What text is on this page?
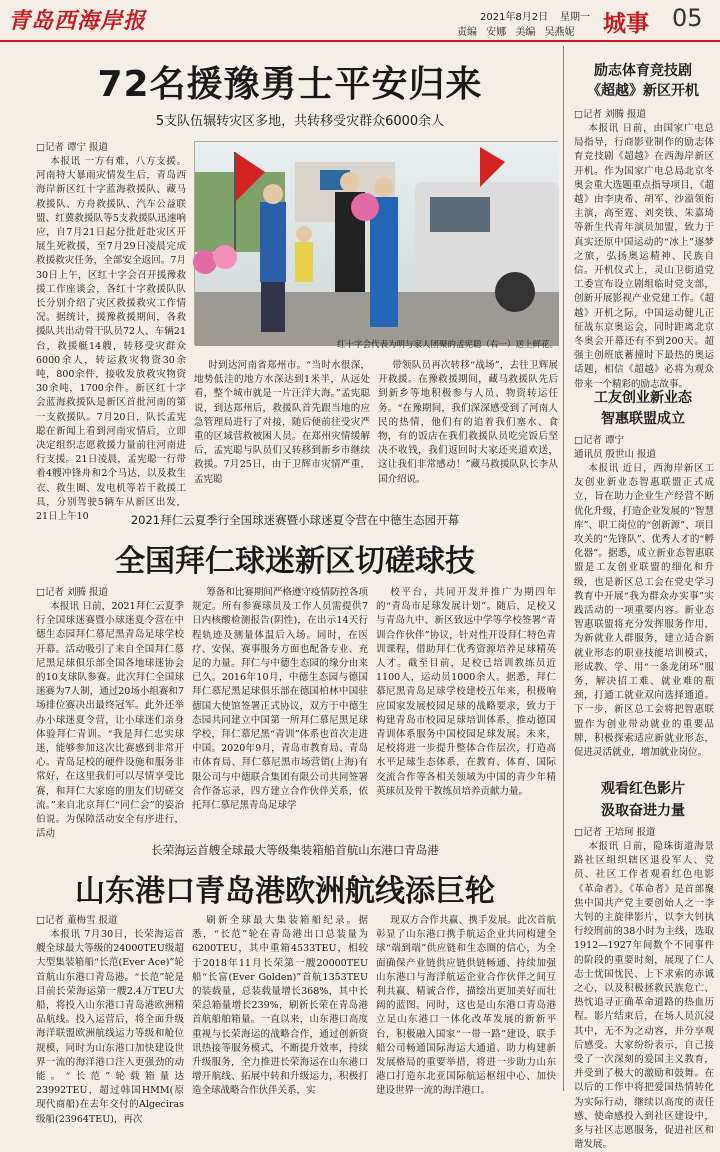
青岛西海岸报	2021年8月2日 星期一
责编 安娜 美编 吴燕妮 城事 05
72名援豫勇士平安归来
5支队伍辗转灾区多地，共转移受灾群众6000余人
□记者 谭宁 报道
本报讯 一方有难，八方支援。河南特大暴雨灾情发生后，青岛西海岸新区红十字蓝海救援队、藏马救援队、方舟救援队、汽车公益联盟、红冀救援队等5支救援队迅速响应，自7月21日起分批赶赴灾区开展生死救援，至7月29日凌晨完成救援救灾任务，全部安全返回。7月30日上午，区红十字会召开援豫救援工作座谈会，各红十字救援队队长分别介绍了灾区救援救灾工作情况。据统计，援豫救援期间，各救援队共出动骨干队员72人、车辆21台，救援艇14艘，转移受灾群众6000余人，转运救灾物资30余吨，800余件，接收发放救灾物资30余吨，1700余件。新区红十字会蓝海救援队是新区首批河南的第一支救援队。7月20日，队长孟宪聪在新闻上看到河南灾情后，立即决定组织志愿救援力量前往河南进行支援。21日凌晨，孟宪聪一行带着4艘冲锋舟和2个马达，以及救生衣、救生圈、发电机等若干救援工具，分别驾驶5辆车从新区出发，21日上午10
红十字会代表为明与家人团聚的孟宪聪（右一）送上鲜花。
时到达河南省郑州市。“当时水很深，地势低洼的地方水深达到1米半，从远处看，整个城市就是一片汪洋大海。”孟宪聪说，到达郑州后，救援队首先跟当地的应急管理局进行了对接，随后便前往受灾严重的区域营救被困人员。在郑州灾情缓解后，孟宪聪与队员们又转移到新乡市继续救援。7月25日，由于卫辉市灾情严重，孟宪聪
带领队员再次转移“战场”，去往卫辉展开救援。在豫救援期间，藏马救援队先后到新乡等地积极参与人员、物资转运任务。“在豫期间，我们深深感受到了河南人民的热情，他们有的追着我们塞水、食物，有的饭店在我们救援队员吃完饭后坚决不收钱，我们返回时大家还夹道欢送，这让我们非常感动！”藏马救援队队长李从国介绍说。
2021拜仁云夏季行全国球迷赛暨小球迷夏令营在中德生态园开幕
全国拜仁球迷新区切磋球技
□记者 刘腾 报道
本报讯 日前，2021拜仁云夏季行全国球迷赛暨小球迷夏令营在中德生态园拜仁慕尼黑青岛足球学校开幕。活动吸引了来自全国拜仁慕尼黑足球俱乐部全国各地球迷协会的10支球队参赛。此次拜仁全国球迷赛为7人制，通过20场小组赛和7场排位赛决出最终冠军。此外还举办小球迷夏令营，让小球迷们亲身体验拜仁青训。“我是拜仁忠实球迷，能够参加这次比赛感到非常开心。青岛足校的硬件设施和服务非常好，在这里我们可以尽情享受比赛，和拜仁大家庭的朋友们切磋交流。”来自北京拜仁“同仁会”的姿治伯说。为保障活动安全有序进行，活动
筹备和比赛期间严格遵守疫情防控各项规定。所有参赛球员及工作人员需提供7日内核酸检测报告(阴性)，在出示14天行程轨迹及测量体温后入场。同时，在医疗、安保、赛事服务方面也配备专业、充足的力量。拜仁与中德生态园的缘分由来已久。2016年10月，中德生态园与德国拜仁慕尼黑足球俱乐部在德国柏林中国驻德国大使馆签署正式协议，双方于中德生态园共同建立中国第一所拜仁慕尼黑足球学校，拜仁慕尼黑“青训”体系也首次走进中国。2020年9月，青岛市教育局、青岛市体育局、拜仁慕尼黑市场营销(上海)有限公司与中德联合集团有限公司共同签署合作备忘录，四方建立合作伙伴关系，依托拜仁慕尼黑青岛足球学
校平台，共同开发并推广为期四年的“青岛市足球发展计划”。随后，足校又与青岛九中、新区致远中学等学校签署“青训合作伙伴”协议，针对性开设拜仁特色青训课程，借助拜仁优秀资源培养足球精英人才。截至目前，足校已培训教练员近1100人，运动员1000余人。据悉，拜仁慕尼黑青岛足球学校建校五年来，积极响应国家发展校园足球的战略要求，致力于构建青岛市校园足球培训体系，推动德国青训体系服务中国校园足球发展。未来，足校将进一步提升整体合作层次，打造高水平足球生态体系，在教育、体育、国际交流合作等各相关领域为中国的青少年精英球员及骨干教练员培养贡献力量。
长荣海运首艘全球最大等级集装箱船首航山东港口青岛港
山东港口青岛港欧洲航线添巨轮
□记者 董梅雪 报道
本报讯 7月30日，长荣海运首艘全球最大等级的24000TEU级超大型集装箱船“长范(Ever Ace)”轮首航山东港口青岛港。“长范”轮是目前长荣海运第一艘2.4万TEU大船，将投入山东港口青岛港欧洲精品航线。投入运营后，将全面升级海洋联盟欧洲航线运力等级和舱位规模，同时为山东港口加快建设世界一流的海洋港口注入更强劲的动能。“长范”轮载箱量达23992TEU，超过韩国HMM(原现代商船)在去年交付的Algeciras级船(23964TEU)，再次
刷新全球最大集装箱船纪录。据悉，“长范”轮在青岛港出口总装量为6200TEU，其中重箱4533TEU，相较于2018年11月长荣第一艘20000TEU船“长富(Ever Golden)”首航1353TEU的装载量，总装载量增长368%，其中长荣总箱量增长239%，刷新长荣在青岛港首航船舶箱量。一直以来，山东港口高度重视与长荣海运的战略合作，通过创新资讯热接等服务模式，不断提升效率，持续升级服务，全力推进长荣海运在山东港口增开航线、拓展中转和升级运力，积极打造全球战略合作伙伴关系，实
现双方合作共赢、携手发展。此次首航彰显了山东港口携手航运企业共同构建全球“端到端”供应链和生态圈的信心，为全面确保产业链供应链供链畅通、持续加强山东港口与海洋航运企业合作伙伴之间互利共赢、精诚合作，描绘出更加美好而壮阔的蓝图。同时，这也是山东港口青岛港立足山东港口一体化改革发展的新新平台，积极融入国家“一带一路”建设、联手船公司畅通国际海运大通道、助力构建新发展格局的重要举措，将进一步助力山东港口打造东北亚国际航运枢纽中心、加快建设世界一流的海洋港口。
励志体育竞技剧
《超越》新区开机
□记者 刘腾 报道
本报讯 日前，由国家广电总局指导，行商影业制作的励志体育竞技剧《超越》在西海岸新区开机。作为国家广电总局北京冬奥会重大选题重点指导项目，《超越》由李庚希、胡军、沙溢领衔主演，高至霆、刘奕铁、朱嘉琦等新生代青年演员加盟，致力于真实还原中国运动的“冰上”逐梦之旅，弘扬奥运精神、民族自信。开机仪式上，灵山卫街道党工委宣布设立剧组临时党支部，创新开展影视产业党建工作。《超越》开机之际，中国运动健儿正征战东京奥运会，同时距离北京冬奥会开幕还有不到200天。超强主创班底蓄撞时下最热的奥运话题，相信《超越》必将为观众带来一个精彩的励志故事。
工友创业新业态
智惠联盟成立
□记者 谭宁
通讯员 殷世山 报道
本报讯 近日，西海岸新区工友创业新业态智惠联盟正式成立，旨在助力企业生产经营不断优化升级，打造企业发展的“智慧库”、职工岗位的“创新源”、项目攻关的“先锋队”、优秀人才的“孵化器”。据悉，成立新业态智惠联盟是工友创业联盟的细化和升级，也是新区总工会在党史学习教育中开展“我为群众办实事”实践活动的一项重要内容。新业态智惠联盟将充分发挥服务作用，为新就业人群服务，建立适合新就业形态的职业技能培训模式，形成教、学、用“一条龙闭环”服务，解决招工难、就业难的瓶颈，打通工就业双向选择通道。下一步，新区总工会将把智惠联盟作为创业带动就业的重要品牌，积极探索适应新就业形态，促进灵活就业，增加就业岗位。
观看红色影片
汲取奋进力量
□记者 王培珂 报道
本报讯 日前，隐珠街道海景路社区组织辖区退役军人、党员、社区工作者观看红色电影《革命者》。《革命者》是首部聚焦中国共产党主要创始人之一李大钊的主旋律影片，以李大钊执行绞刑前的38小时为主线，选取1912—1927年间数个不同事件的阶段的重要时刻，展现了仁人志士忧国忧民、上下求索的赤诚之心，以及积极拯救民族危亡、热忱追寻正确革命道路的热血历程。影片结束后，在场人员沉浸其中，无不为之动容，并分享观后感受。大家纷纷表示，自己接受了一次深刻的爱国主义教育，并受到了极大的激励和鼓舞。在以后的工作中将把爱国热情转化为实际行动，继续以高度的责任感、使命感投入到社区建设中，多与社区志愿服务，促进社区和谐发展。
